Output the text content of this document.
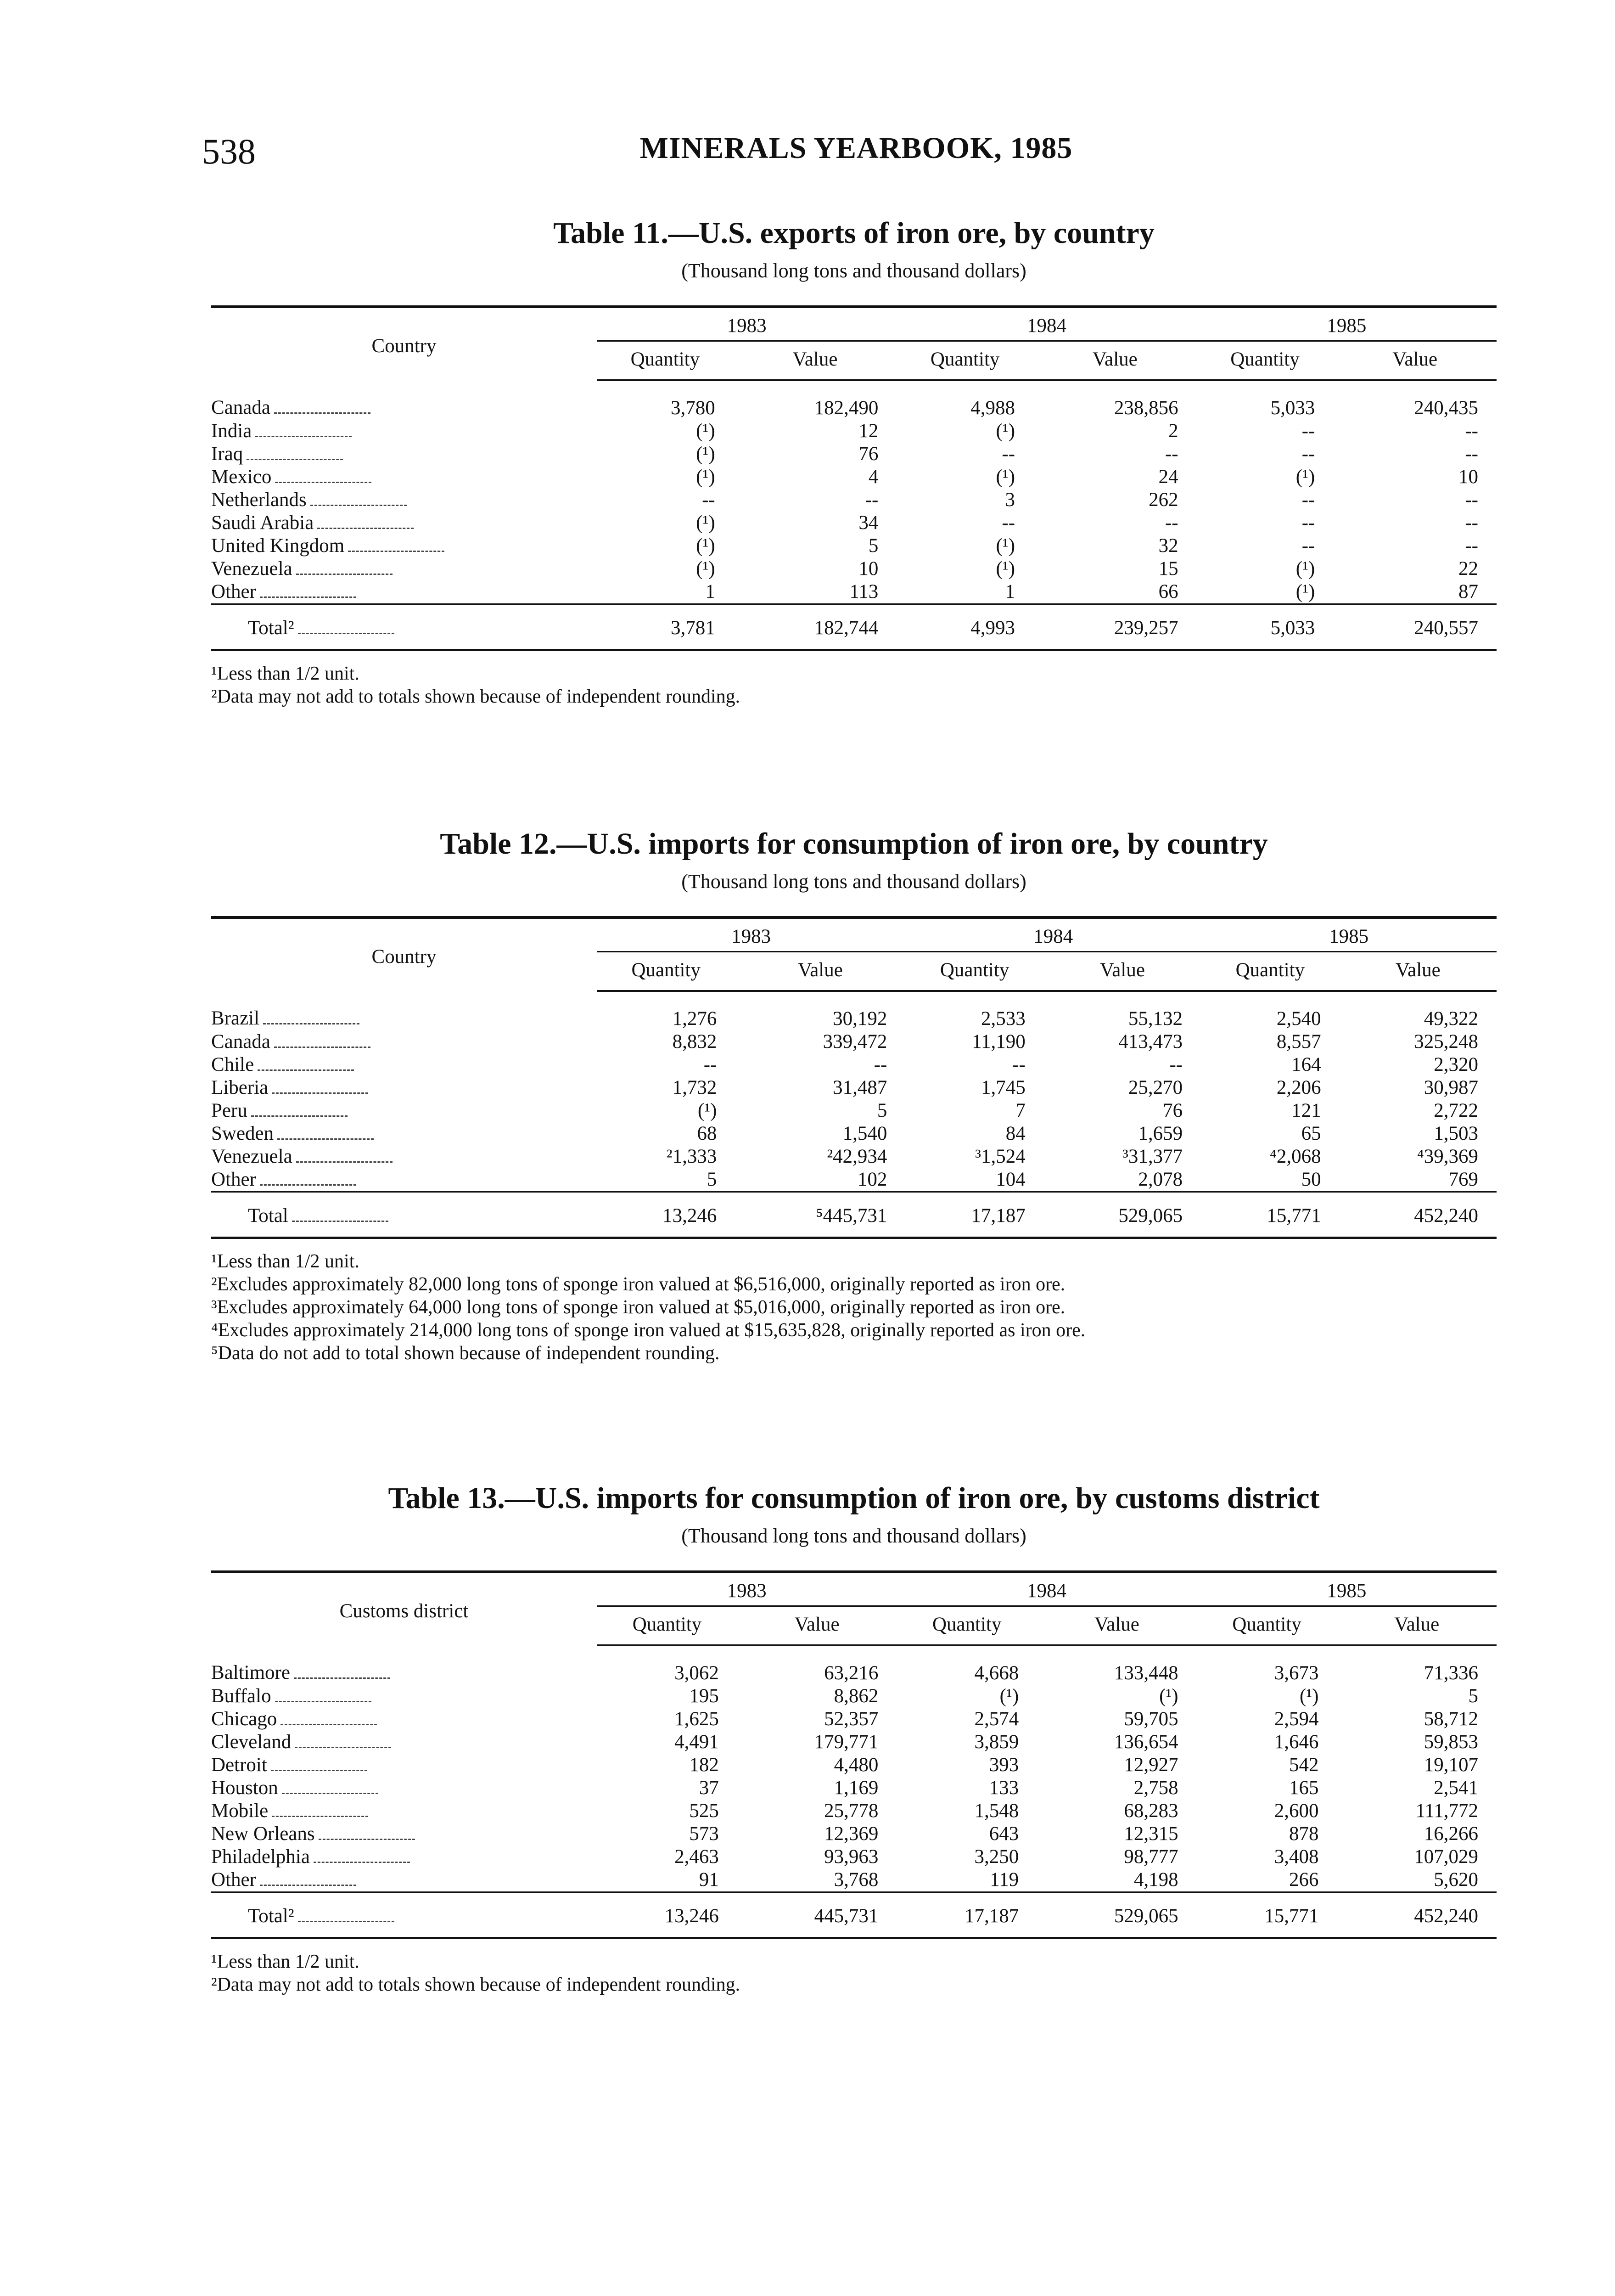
538	MINERALS YEARBOOK, 1985
Table 11.—U.S. exports of iron ore, by country
(Thousand long tons and thousand dollars)
Country	1983		1984		1985	
	Quantity	Value	Quantity	Value	Quantity	Value
Canada	3,780	182,490	4,988	238,856	5,033	240,435
India	(¹)	12	(¹)	2	--	--
Iraq	(¹)	76	--	--	--	--
Mexico	(¹)	4	(¹)	24	(¹)	10
Netherlands	--	--	3	262	--	--
Saudi Arabia	(¹)	34	--	--	--	--
United Kingdom	(¹)	5	(¹)	32	--	--
Venezuela	(¹)	10	(¹)	15	(¹)	22
Other	1	113	1	66	(¹)	87
Total²	3,781	182,744	4,993	239,257	5,033	240,557
¹Less than 1/2 unit.
²Data may not add to totals shown because of independent rounding.
Table 12.—U.S. imports for consumption of iron ore, by country
(Thousand long tons and thousand dollars)
Country	1983		1984		1985	
	Quantity	Value	Quantity	Value	Quantity	Value
Brazil	1,276	30,192	2,533	55,132	2,540	49,322
Canada	8,832	339,472	11,190	413,473	8,557	325,248
Chile	--	--	--	--	164	2,320
Liberia	1,732	31,487	1,745	25,270	2,206	30,987
Peru	(¹)	5	7	76	121	2,722
Sweden	68	1,540	84	1,659	65	1,503
Venezuela	²1,333	²42,934	³1,524	³31,377	⁴2,068	⁴39,369
Other	5	102	104	2,078	50	769
Total	13,246	⁵445,731	17,187	529,065	15,771	452,240
¹Less than 1/2 unit.
²Excludes approximately 82,000 long tons of sponge iron valued at $6,516,000, originally reported as iron ore.
³Excludes approximately 64,000 long tons of sponge iron valued at $5,016,000, originally reported as iron ore.
⁴Excludes approximately 214,000 long tons of sponge iron valued at $15,635,828, originally reported as iron ore.
⁵Data do not add to total shown because of independent rounding.
Table 13.—U.S. imports for consumption of iron ore, by customs district
(Thousand long tons and thousand dollars)
Customs district	1983		1984		1985	
	Quantity	Value	Quantity	Value	Quantity	Value
Baltimore	3,062	63,216	4,668	133,448	3,673	71,336
Buffalo	195	8,862	(¹)	(¹)	(¹)	5
Chicago	1,625	52,357	2,574	59,705	2,594	58,712
Cleveland	4,491	179,771	3,859	136,654	1,646	59,853
Detroit	182	4,480	393	12,927	542	19,107
Houston	37	1,169	133	2,758	165	2,541
Mobile	525	25,778	1,548	68,283	2,600	111,772
New Orleans	573	12,369	643	12,315	878	16,266
Philadelphia	2,463	93,963	3,250	98,777	3,408	107,029
Other	91	3,768	119	4,198	266	5,620
Total²	13,246	445,731	17,187	529,065	15,771	452,240
¹Less than 1/2 unit.
²Data may not add to totals shown because of independent rounding.
